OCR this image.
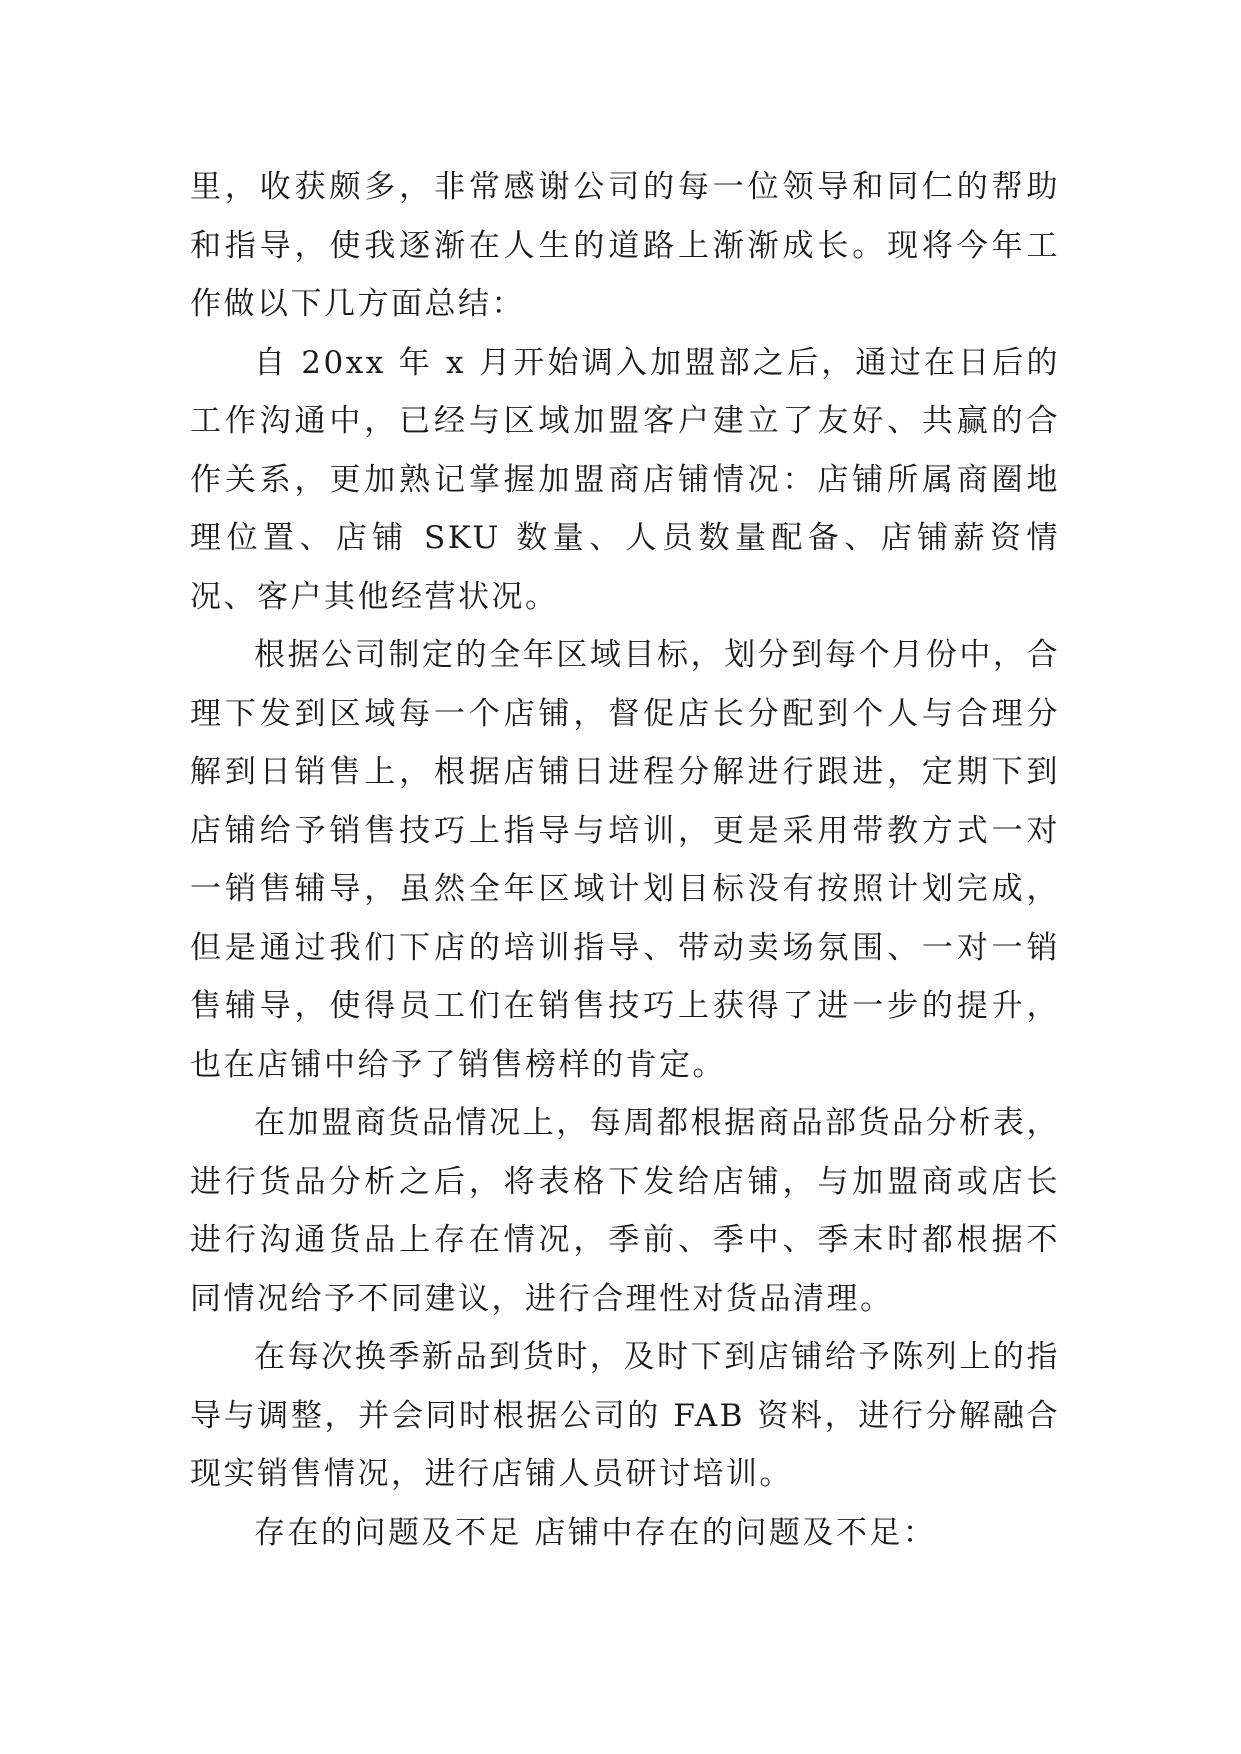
里，收获颇多，非常感谢公司的每一位领导和同仁的帮助和指导，使我逐渐在人生的道路上渐渐成长。现将今年工作做以下几方面总结：

自 20xx 年 x 月开始调入加盟部之后，通过在日后的工作沟通中，已经与区域加盟客户建立了友好、共赢的合作关系，更加熟记掌握加盟商店铺情况：店铺所属商圈地理位置、店铺 SKU 数量、人员数量配备、店铺薪资情况、客户其他经营状况。

根据公司制定的全年区域目标，划分到每个月份中，合理下发到区域每一个店铺，督促店长分配到个人与合理分解到日销售上，根据店铺日进程分解进行跟进，定期下到店铺给予销售技巧上指导与培训，更是采用带教方式一对一销售辅导，虽然全年区域计划目标没有按照计划完成，但是通过我们下店的培训指导、带动卖场氛围、一对一销售辅导，使得员工们在销售技巧上获得了进一步的提升，也在店铺中给予了销售榜样的肯定。

在加盟商货品情况上，每周都根据商品部货品分析表，进行货品分析之后，将表格下发给店铺，与加盟商或店长进行沟通货品上存在情况，季前、季中、季末时都根据不同情况给予不同建议，进行合理性对货品清理。

在每次换季新品到货时，及时下到店铺给予陈列上的指导与调整，并会同时根据公司的 FAB 资料，进行分解融合现实销售情况，进行店铺人员研讨培训。

存在的问题及不足 店铺中存在的问题及不足：
